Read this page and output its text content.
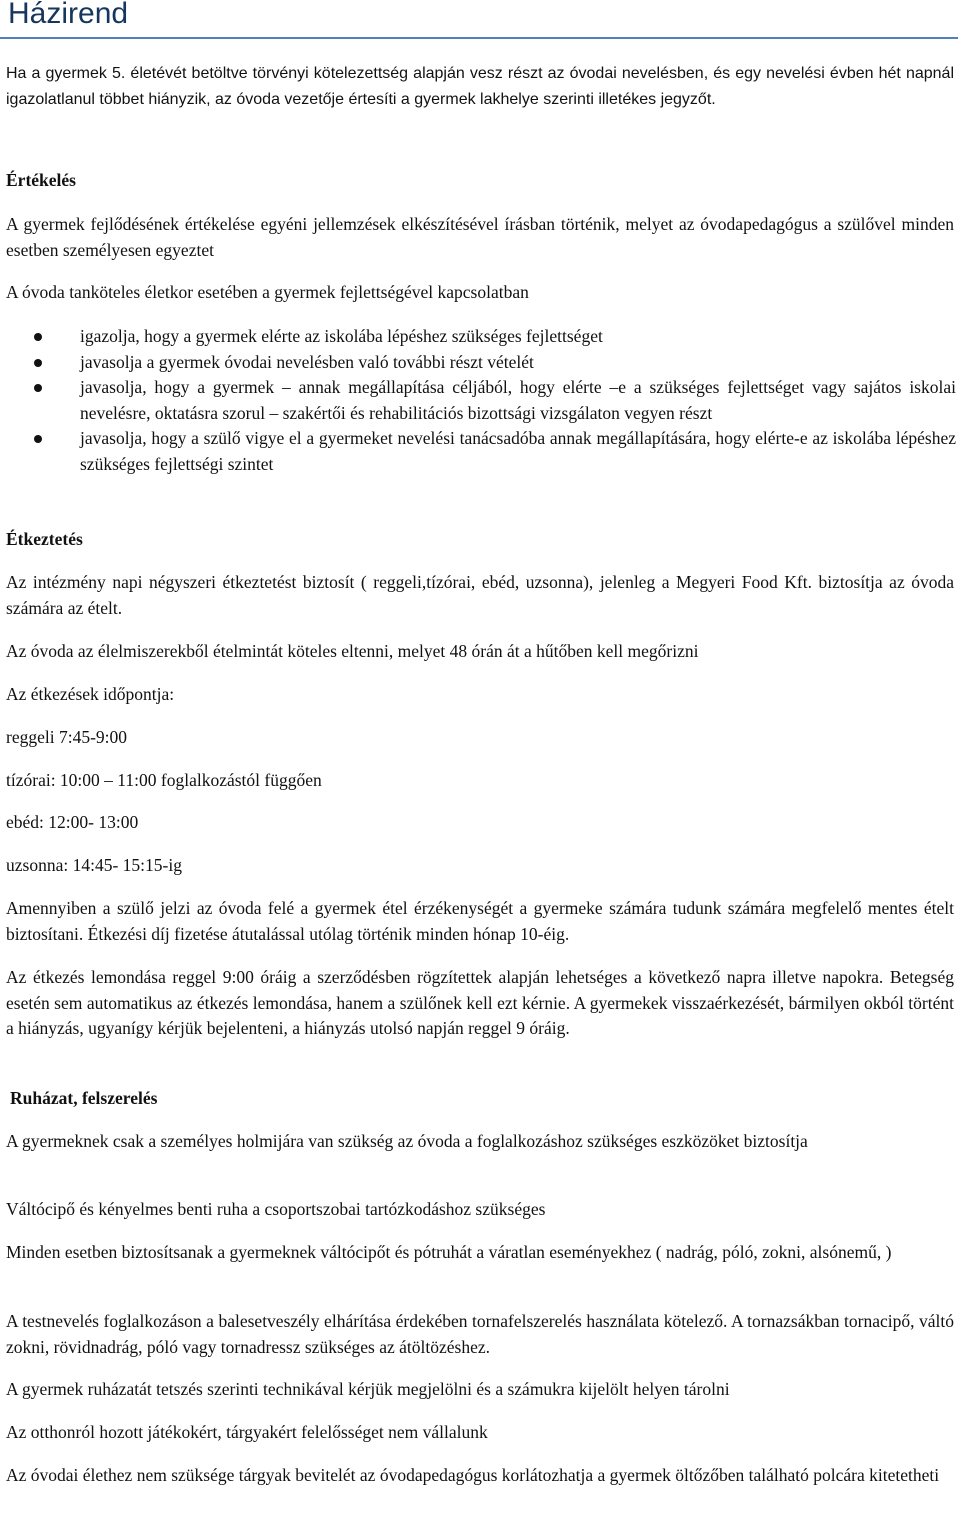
Házirend

Ha a gyermek 5. életévét betöltve törvényi kötelezettség alapján vesz részt az óvodai nevelésben, és egy nevelési évben hét napnál igazolatlanul többet hiányzik, az óvoda vezetője értesíti a gyermek lakhelye szerinti illetékes jegyzőt.

Értékelés

A gyermek fejlődésének értékelése egyéni jellemzések elkészítésével írásban történik, melyet az óvodapedagógus a szülővel minden esetben személyesen egyeztet

A óvoda tanköteles életkor esetében a gyermek fejlettségével kapcsolatban

igazolja, hogy a gyermek elérte az iskolába lépéshez szükséges fejlettséget
javasolja a gyermek óvodai nevelésben való további részt vételét
javasolja, hogy a gyermek – annak megállapítása céljából, hogy elérte –e a szükséges fejlettséget vagy sajátos iskolai nevelésre, oktatásra szorul – szakértői és rehabilitációs bizottsági vizsgálaton vegyen részt
javasolja, hogy a szülő vigye el a gyermeket nevelési tanácsadóba annak megállapítására, hogy elérte-e az iskolába lépéshez szükséges fejlettségi szintet
Étkeztetés

Az intézmény napi négyszeri étkeztetést biztosít ( reggeli,tízórai, ebéd, uzsonna), jelenleg a Megyeri Food Kft. biztosítja az óvoda számára az ételt.

Az óvoda az élelmiszerekből ételmintát köteles eltenni, melyet 48 órán át a hűtőben kell megőrizni

Az étkezések időpontja:

reggeli 7:45-9:00

tízórai: 10:00 – 11:00 foglalkozástól függően

ebéd: 12:00- 13:00

uzsonna: 14:45- 15:15-ig

Amennyiben a szülő jelzi az óvoda felé a gyermek étel érzékenységét a gyermeke számára tudunk számára megfelelő mentes ételt biztosítani. Étkezési díj fizetése átutalással utólag történik minden hónap 10-éig.

Az étkezés lemondása reggel 9:00 óráig a szerződésben rögzítettek alapján lehetséges a következő napra illetve napokra. Betegség esetén sem automatikus az étkezés lemondása, hanem a szülőnek kell ezt kérnie. A gyermekek visszaérkezését, bármilyen okból történt a hiányzás, ugyanígy kérjük bejelenteni, a hiányzás utolsó napján reggel 9 óráig.

Ruházat, felszerelés

A gyermeknek csak a személyes holmijára van szükség az óvoda a foglalkozáshoz szükséges eszközöket biztosítja

Váltócipő és kényelmes benti ruha a csoportszobai tartózkodáshoz szükséges

Minden esetben biztosítsanak a gyermeknek váltócipőt és pótruhát a váratlan eseményekhez ( nadrág, póló, zokni, alsónemű, )

A testnevelés foglalkozáson a balesetveszély elhárítása érdekében tornafelszerelés használata kötelező. A tornazsákban tornacipő, váltó zokni, rövidnadrág, póló vagy tornadressz szükséges az átöltözéshez.

A gyermek ruházatát tetszés szerinti technikával kérjük megjelölni és a számukra kijelölt helyen tárolni

Az otthonról hozott játékokért, tárgyakért felelősséget nem vállalunk

Az óvodai élethez nem szüksége tárgyak bevitelét az óvodapedagógus korlátozhatja a gyermek öltőzőben található polcára kitetetheti
